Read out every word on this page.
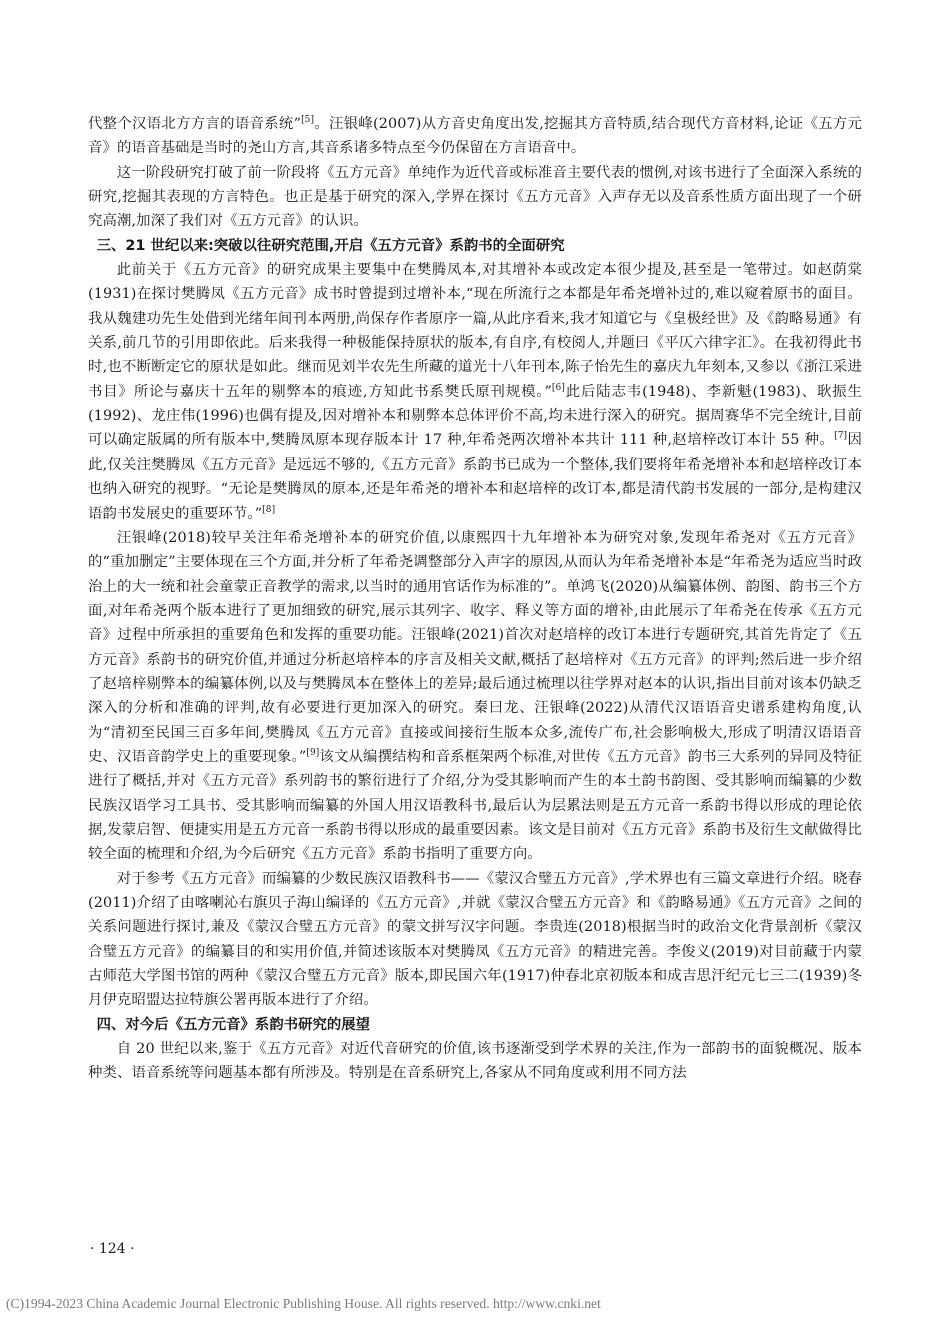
代整个汉语北方方言的语音系统”[5]。汪银峰(2007)从方音史角度出发,挖掘其方音特质,结合现代方音材料,论证《五方元音》的语音基础是当时的尧山方言,其音系诸多特点至今仍保留在方言语音中。

这一阶段研究打破了前一阶段将《五方元音》单纯作为近代音或标准音主要代表的惯例,对该书进行了全面深入系统的研究,挖掘其表现的方言特色。也正是基于研究的深入,学界在探讨《五方元音》入声存无以及音系性质方面出现了一个研究高潮,加深了我们对《五方元音》的认识。

三、21 世纪以来:突破以往研究范围,开启《五方元音》系韵书的全面研究

此前关于《五方元音》的研究成果主要集中在樊腾凤本,对其增补本或改定本很少提及,甚至是一笔带过。如赵荫棠(1931)在探讨樊腾凤《五方元音》成书时曾提到过增补本,“现在所流行之本都是年希尧增补过的,难以窥着原书的面目。我从魏建功先生处借到光绪年间刊本两册,尚保存作者原序一篇,从此序看来,我才知道它与《皇极经世》及《韵略易通》有关系,前几节的引用即依此。后来我得一种极能保持原状的版本,有自序,有校阅人,并题曰《平仄六律字汇》。在我初得此书时,也不断断定它的原状是如此。继而见刘半农先生所藏的道光十八年刊本,陈子怡先生的嘉庆九年刻本,又参以《浙江采进书目》所论与嘉庆十五年的剔弊本的痕迹,方知此书系樊氏原刊规模。”[6]此后陆志韦(1948)、李新魁(1983)、耿振生(1992)、龙庄伟(1996)也偶有提及,因对增补本和剔弊本总体评价不高,均未进行深入的研究。据周赛华不完全统计,目前可以确定版属的所有版本中,樊腾凤原本现存版本计 17 种,年希尧两次增补本共计 111 种,赵培梓改订本计 55 种。[7]因此,仅关注樊腾凤《五方元音》是远远不够的,《五方元音》系韵书已成为一个整体,我们要将年希尧增补本和赵培梓改订本也纳入研究的视野。“无论是樊腾凤的原本,还是年希尧的增补本和赵培梓的改订本,都是清代韵书发展的一部分,是构建汉语韵书发展史的重要环节。”[8]

汪银峰(2018)较早关注年希尧增补本的研究价值,以康熙四十九年增补本为研究对象,发现年希尧对《五方元音》的“重加删定”主要体现在三个方面,并分析了年希尧调整部分入声字的原因,从而认为年希尧增补本是“年希尧为适应当时政治上的大一统和社会童蒙正音教学的需求,以当时的通用官话作为标准的”。单鸿飞(2020)从编纂体例、韵图、韵书三个方面,对年希尧两个版本进行了更加细致的研究,展示其列字、收字、释义等方面的增补,由此展示了年希尧在传承《五方元音》过程中所承担的重要角色和发挥的重要功能。汪银峰(2021)首次对赵培梓的改订本进行专题研究,其首先肯定了《五方元音》系韵书的研究价值,并通过分析赵培梓本的序言及相关文献,概括了赵培梓对《五方元音》的评判;然后进一步介绍了赵培梓剔弊本的编纂体例,以及与樊腾凤本在整体上的差异;最后通过梳理以往学界对赵本的认识,指出目前对该本仍缺乏深入的分析和准确的评判,故有必要进行更加深入的研究。秦曰龙、汪银峰(2022)从清代汉语语音史谱系建构角度,认为“清初至民国三百多年间,樊腾凤《五方元音》直接或间接衍生版本众多,流传广布,社会影响极大,形成了明清汉语语音史、汉语音韵学史上的重要现象。”[9]该文从编撰结构和音系框架两个标准,对世传《五方元音》韵书三大系列的异同及特征进行了概括,并对《五方元音》系列韵书的繁衍进行了介绍,分为受其影响而产生的本土韵书韵图、受其影响而编纂的少数民族汉语学习工具书、受其影响而编纂的外国人用汉语教科书,最后认为层累法则是五方元音一系韵书得以形成的理论依据,发蒙启智、便捷实用是五方元音一系韵书得以形成的最重要因素。该文是目前对《五方元音》系韵书及衍生文献做得比较全面的梳理和介绍,为今后研究《五方元音》系韵书指明了重要方向。

对于参考《五方元音》而编纂的少数民族汉语教科书——《蒙汉合璧五方元音》,学术界也有三篇文章进行介绍。晓春(2011)介绍了由喀喇沁右旗贝子海山编译的《五方元音》,并就《蒙汉合璧五方元音》和《韵略易通》《五方元音》之间的关系问题进行探讨,兼及《蒙汉合璧五方元音》的蒙文拼写汉字问题。李贵连(2018)根据当时的政治文化背景剖析《蒙汉合璧五方元音》的编纂目的和实用价值,并简述该版本对樊腾凤《五方元音》的精进完善。李俊义(2019)对目前藏于内蒙古师范大学图书馆的两种《蒙汉合璧五方元音》版本,即民国六年(1917)仲春北京初版本和成吉思汗纪元七三二(1939)冬月伊克昭盟达拉特旗公署再版本进行了介绍。

四、对今后《五方元音》系韵书研究的展望

自 20 世纪以来,鉴于《五方元音》对近代音研究的价值,该书逐渐受到学术界的关注,作为一部韵书的面貌概况、版本种类、语音系统等问题基本都有所涉及。特别是在音系研究上,各家从不同角度或利用不同方法

· 124 ·
(C)1994-2023 China Academic Journal Electronic Publishing House. All rights reserved. http://www.cnki.net
